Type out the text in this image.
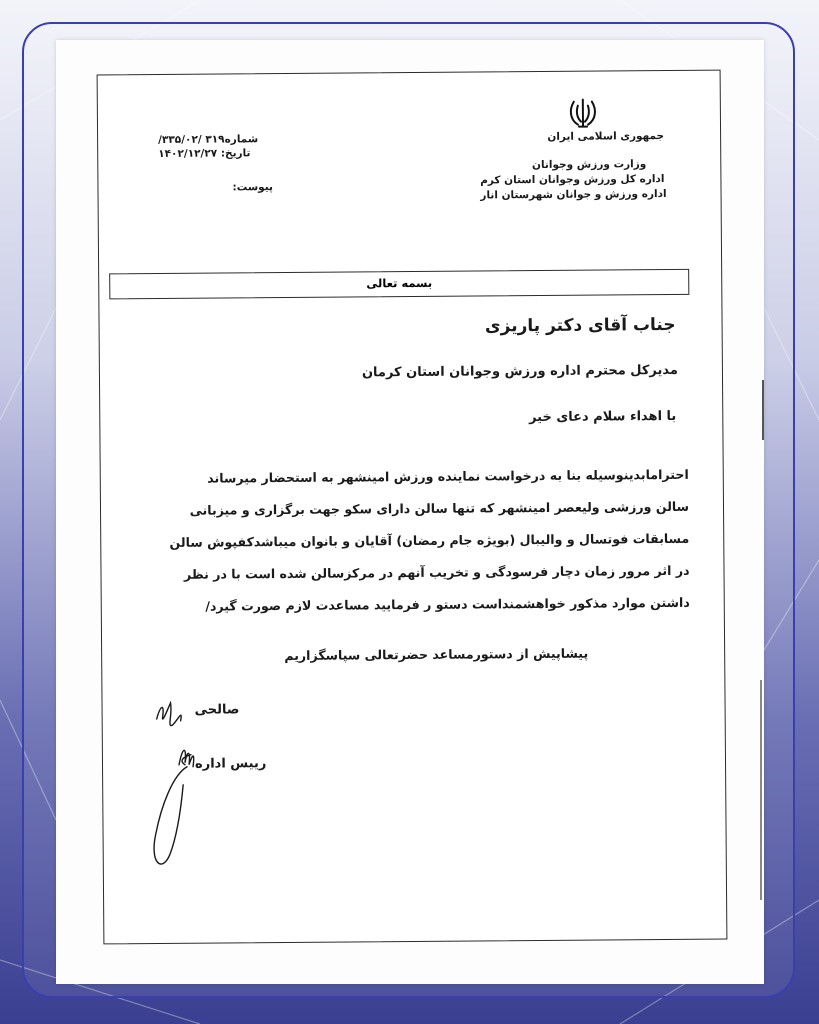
جمهوری اسلامی ایران
وزارت ورزش وجوانان
اداره کل ورزش وجوانان استان کرم
اداره ورزش و جوانان شهرستان انار
شماره۳۱۹ /۳۳۵/۰۲/
تاریخ: ۱۴۰۲/۱۲/۲۷
پیوست:
بسمه تعالی
جناب آقای دکتر پاریزی
مدیرکل محترم اداره ورزش وجوانان استان کرمان
با اهداء سلام دعای خیر
احترامابدینوسیله بنا به درخواست نماینده ورزش امینشهر به استحضار میرساند
سالن ورزشی ولیعصر امینشهر که تنها سالن دارای سکو جهت برگزاری و میزبانی
مسابقات فوتسال و والیبال (بویژه جام رمضان) آقایان و بانوان میباشدکفپوش سالن
در اثر مرور زمان دچار فرسودگی و تخریب آنهم در مرکزسالن شده است با در نظر
داشتن موارد مذکور خواهشمنداست دستو ر فرمایید مساعدت لازم صورت گیرد/
پیشاپیش از دستورمساعد حضرتعالی سپاسگزاریم
صالحی
رییس اداره
